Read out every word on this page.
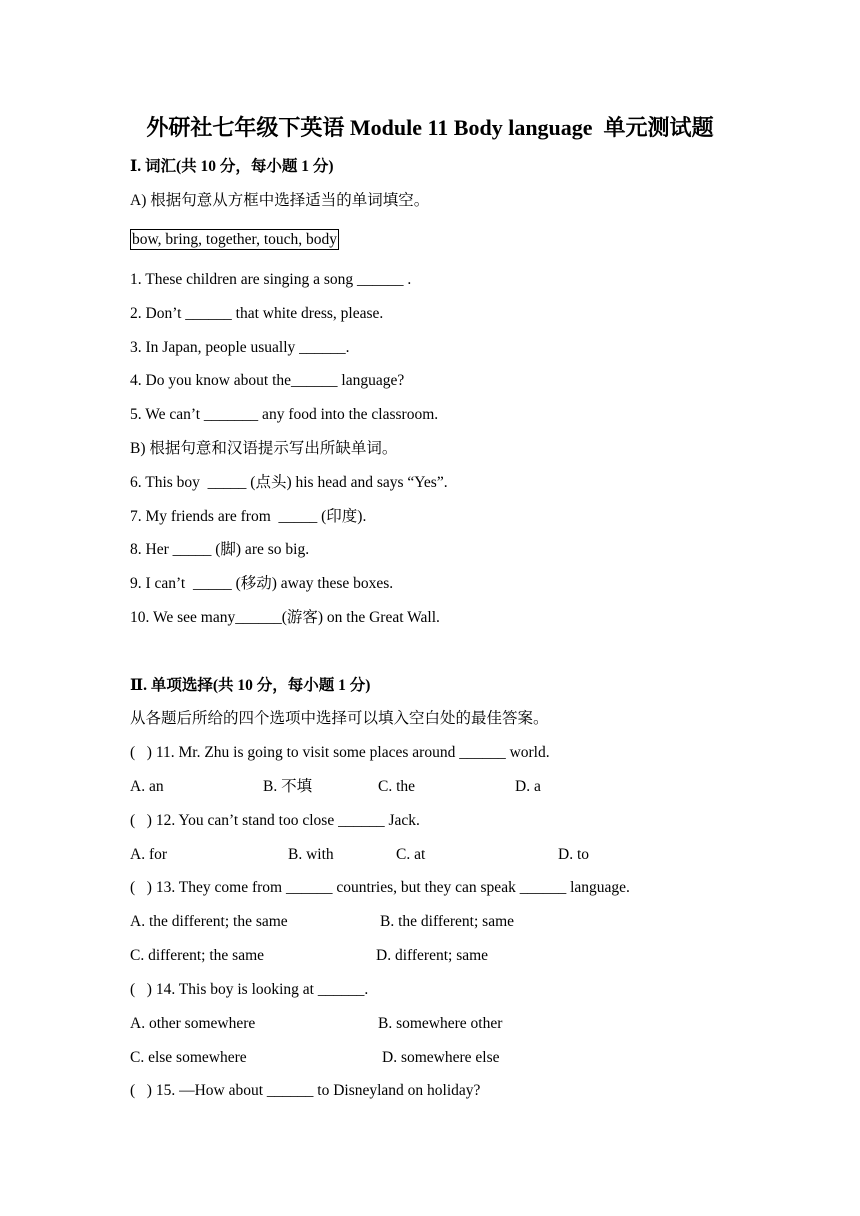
外研社七年级下英语 Module 11 Body language  单元测试题
Ⅰ. 词汇(共 10 分，每小题 1 分)
A) 根据句意从方框中选择适当的单词填空。
bow, bring, together, touch, body
1. These children are singing a song ______ .
2. Don’t ______ that white dress, please.
3. In Japan, people usually ______.
4. Do you know about the______ language?
5. We can’t _______ any food into the classroom.
B) 根据句意和汉语提示写出所缺单词。
6. This boy  _____ (点头) his head and says “Yes”.
7. My friends are from  _____ (印度).
8. Her _____ (脚) are so big.
9. I can’t  _____ (移动) away these boxes.
10. We see many______(游客) on the Great Wall.
Ⅱ. 单项选择(共 10 分，每小题 1 分)
从各题后所给的四个选项中选择可以填入空白处的最佳答案。
(   ) 11. Mr. Zhu is going to visit some places around ______ world.
A. an	B. 不填	C. the	D. a
(   ) 12. You can’t stand too close ______ Jack.
A. for	B. with	C. at	D. to
(   ) 13. They come from ______ countries, but they can speak ______ language.
A. the different; the same	B. the different; same
C. different; the same	D. different; same
(   ) 14. This boy is looking at ______.
A. other somewhere	B. somewhere other
C. else somewhere	D. somewhere else
(   ) 15. —How about ______ to Disneyland on holiday?
